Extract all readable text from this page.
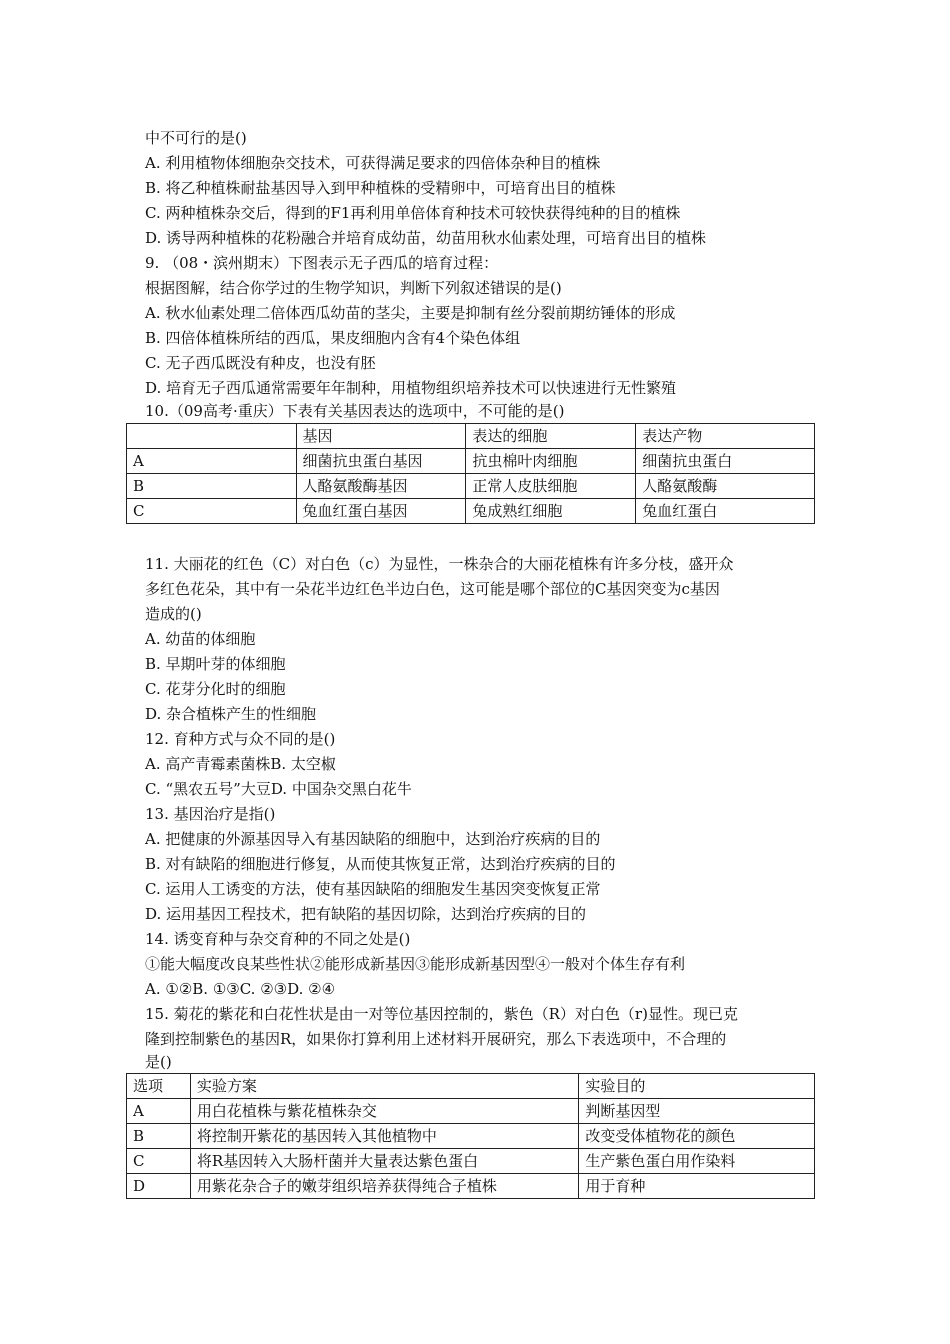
中不可行的是()
A. 利用植物体细胞杂交技术，可获得满足要求的四倍体杂种目的植株
B. 将乙种植株耐盐基因导入到甲种植株的受精卵中，可培育出目的植株
C. 两种植株杂交后，得到的F1再利用单倍体育种技术可较快获得纯种的目的植株
D. 诱导两种植株的花粉融合并培育成幼苗，幼苗用秋水仙素处理，可培育出目的植株
9. （08・滨州期末）下图表示无子西瓜的培育过程：
根据图解，结合你学过的生物学知识，判断下列叙述错误的是()
A. 秋水仙素处理二倍体西瓜幼苗的茎尖，主要是抑制有丝分裂前期纺锤体的形成
B. 四倍体植株所结的西瓜，果皮细胞内含有4个染色体组
C. 无子西瓜既没有种皮，也没有胚
D. 培育无子西瓜通常需要年年制种，用植物组织培养技术可以快速进行无性繁殖
10.（09高考·重庆）下表有关基因表达的选项中，不可能的是()
	基因	表达的细胞	表达产物
A	细菌抗虫蛋白基因	抗虫棉叶肉细胞	细菌抗虫蛋白
B	人酪氨酸酶基因	正常人皮肤细胞	人酪氨酸酶
C	兔血红蛋白基因	兔成熟红细胞	兔血红蛋白
11. 大丽花的红色（C）对白色（c）为显性，一株杂合的大丽花植株有许多分枝，盛开众
多红色花朵，其中有一朵花半边红色半边白色，这可能是哪个部位的C基因突变为c基因
造成的()
A. 幼苗的体细胞
B. 早期叶芽的体细胞
C. 花芽分化时的细胞
D. 杂合植株产生的性细胞
12. 育种方式与众不同的是()
A. 高产青霉素菌株B. 太空椒
C. “黑农五号”大豆D. 中国杂交黑白花牛
13. 基因治疗是指()
A. 把健康的外源基因导入有基因缺陷的细胞中，达到治疗疾病的目的
B. 对有缺陷的细胞进行修复，从而使其恢复正常，达到治疗疾病的目的
C. 运用人工诱变的方法，使有基因缺陷的细胞发生基因突变恢复正常
D. 运用基因工程技术，把有缺陷的基因切除，达到治疗疾病的目的
14. 诱变育种与杂交育种的不同之处是()
①能大幅度改良某些性状②能形成新基因③能形成新基因型④一般对个体生存有利
A. ①②B. ①③C. ②③D. ②④
15. 菊花的紫花和白花性状是由一对等位基因控制的，紫色（R）对白色（r)显性。现已克
隆到控制紫色的基因R，如果你打算利用上述材料开展研究，那么下表选项中，不合理的
是()
选项	实验方案	实验目的
A	用白花植株与紫花植株杂交	判断基因型
B	将控制开紫花的基因转入其他植物中	改变受体植物花的颜色
C	将R基因转入大肠杆菌并大量表达紫色蛋白	生产紫色蛋白用作染料
D	用紫花杂合子的嫩芽组织培养获得纯合子植株	用于育种
